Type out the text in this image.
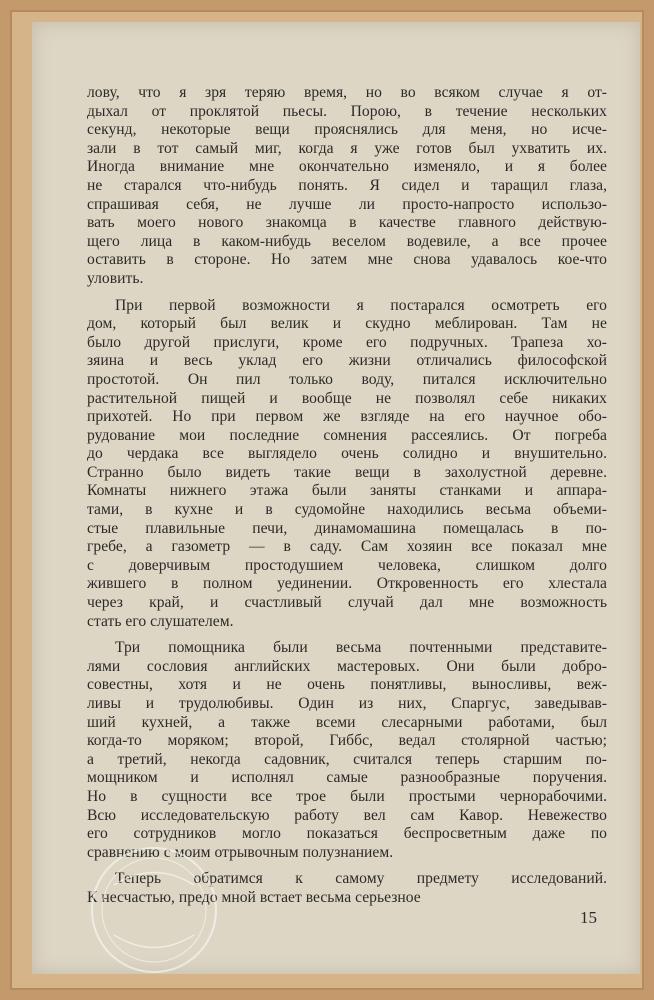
лову, что я зря теряю время, но во всяком случае я от-
дыхал от проклятой пьесы. Порою, в течение нескольких
секунд, некоторые вещи прояснялись для меня, но исче-
зали в тот самый миг, когда я уже готов был ухватить их.
Иногда внимание мне окончательно изменяло, и я более
не старался что-нибудь понять. Я сидел и таращил глаза,
спрашивая себя, не лучше ли просто-напросто использо-
вать моего нового знакомца в качестве главного действую-
щего лица в каком-нибудь веселом водевиле, а все прочее
оставить в стороне. Но затем мне снова удавалось кое-что
уловить.

При первой возможности я постарался осмотреть его
дом, который был велик и скудно меблирован. Там не
было другой прислуги, кроме его подручных. Трапеза хо-
зяина и весь уклад его жизни отличались философской
простотой. Он пил только воду, питался исключительно
растительной пищей и вообще не позволял себе никаких
прихотей. Но при первом же взгляде на его научное обо-
рудование мои последние сомнения рассеялись. От погреба
до чердака все выглядело очень солидно и внушительно.
Странно было видеть такие вещи в захолустной деревне.
Комнаты нижнего этажа были заняты станками и аппара-
тами, в кухне и в судомойне находились весьма объеми-
стые плавильные печи, динамомашина помещалась в по-
гребе, а газометр — в саду. Сам хозяин все показал мне
с доверчивым простодушием человека, слишком долго
жившего в полном уединении. Откровенность его хлестала
через край, и счастливый случай дал мне возможность
стать его слушателем.

Три помощника были весьма почтенными представите-
лями сословия английских мастеровых. Они были добро-
совестны, хотя и не очень понятливы, выносливы, веж-
ливы и трудолюбивы. Один из них, Спаргус, заведывав-
ший кухней, а также всеми слесарными работами, был
когда-то моряком; второй, Гиббс, ведал столярной частью;
а третий, некогда садовник, считался теперь старшим по-
мощником и исполнял самые разнообразные поручения.
Но в сущности все трое были простыми чернорабочими.
Всю исследовательскую работу вел сам Кавор. Невежество
его сотрудников могло показаться беспросветным даже по
сравнению с моим отрывочным полузнанием.

Теперь обратимся к самому предмету исследований.
К несчастью, предо мной встает весьма серьезное

15
